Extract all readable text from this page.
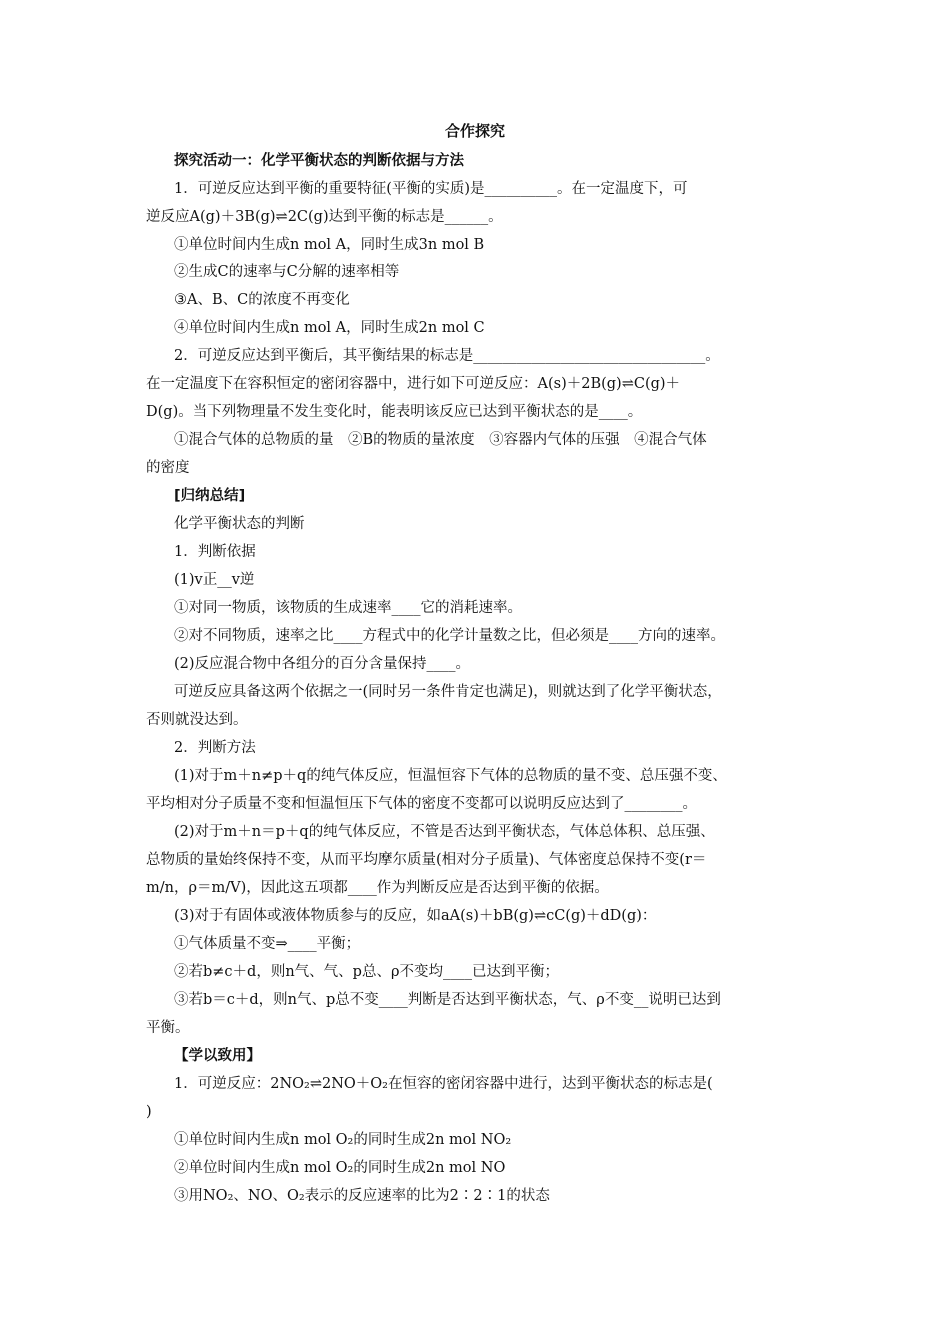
合作探究
探究活动一：化学平衡状态的判断依据与方法
1．可逆反应达到平衡的重要特征(平衡的实质)是__________。在一定温度下，可
逆反应A(g)＋3B(g)⇌2C(g)达到平衡的标志是______。
①单位时间内生成n mol A，同时生成3n mol B
②生成C的速率与C分解的速率相等
③A、B、C的浓度不再变化
④单位时间内生成n mol A，同时生成2n mol C
2．可逆反应达到平衡后，其平衡结果的标志是________________________________。
在一定温度下在容积恒定的密闭容器中，进行如下可逆反应：A(s)＋2B(g)⇌C(g)＋
D(g)。当下列物理量不发生变化时，能表明该反应已达到平衡状态的是____。
①混合气体的总物质的量　②B的物质的量浓度　③容器内气体的压强　④混合气体
的密度
[归纳总结]
化学平衡状态的判断
1．判断依据
(1)v正__v逆
①对同一物质，该物质的生成速率____它的消耗速率。
②对不同物质，速率之比____方程式中的化学计量数之比，但必须是____方向的速率。
(2)反应混合物中各组分的百分含量保持____。
可逆反应具备这两个依据之一(同时另一条件肯定也满足)，则就达到了化学平衡状态，
否则就没达到。
2．判断方法
(1)对于m＋n≠p＋q的纯气体反应，恒温恒容下气体的总物质的量不变、总压强不变、
平均相对分子质量不变和恒温恒压下气体的密度不变都可以说明反应达到了________。
(2)对于m＋n＝p＋q的纯气体反应，不管是否达到平衡状态，气体总体积、总压强、
总物质的量始终保持不变，从而平均摩尔质量(相对分子质量)、气体密度总保持不变(r＝
m/n，ρ＝m/V)，因此这五项都____作为判断反应是否达到平衡的依据。
(3)对于有固体或液体物质参与的反应，如aA(s)＋bB(g)⇌cC(g)＋dD(g)：
①气体质量不变⇒____平衡；
②若b≠c＋d，则n气、气、p总、ρ不变均____已达到平衡；
③若b＝c＋d，则n气、p总不变____判断是否达到平衡状态，气、ρ不变__说明已达到
平衡。
【学以致用】
1．可逆反应：2NO₂⇌2NO＋O₂在恒容的密闭容器中进行，达到平衡状态的标志是(
)
①单位时间内生成n mol O₂的同时生成2n mol NO₂
②单位时间内生成n mol O₂的同时生成2n mol NO
③用NO₂、NO、O₂表示的反应速率的比为2∶2∶1的状态
